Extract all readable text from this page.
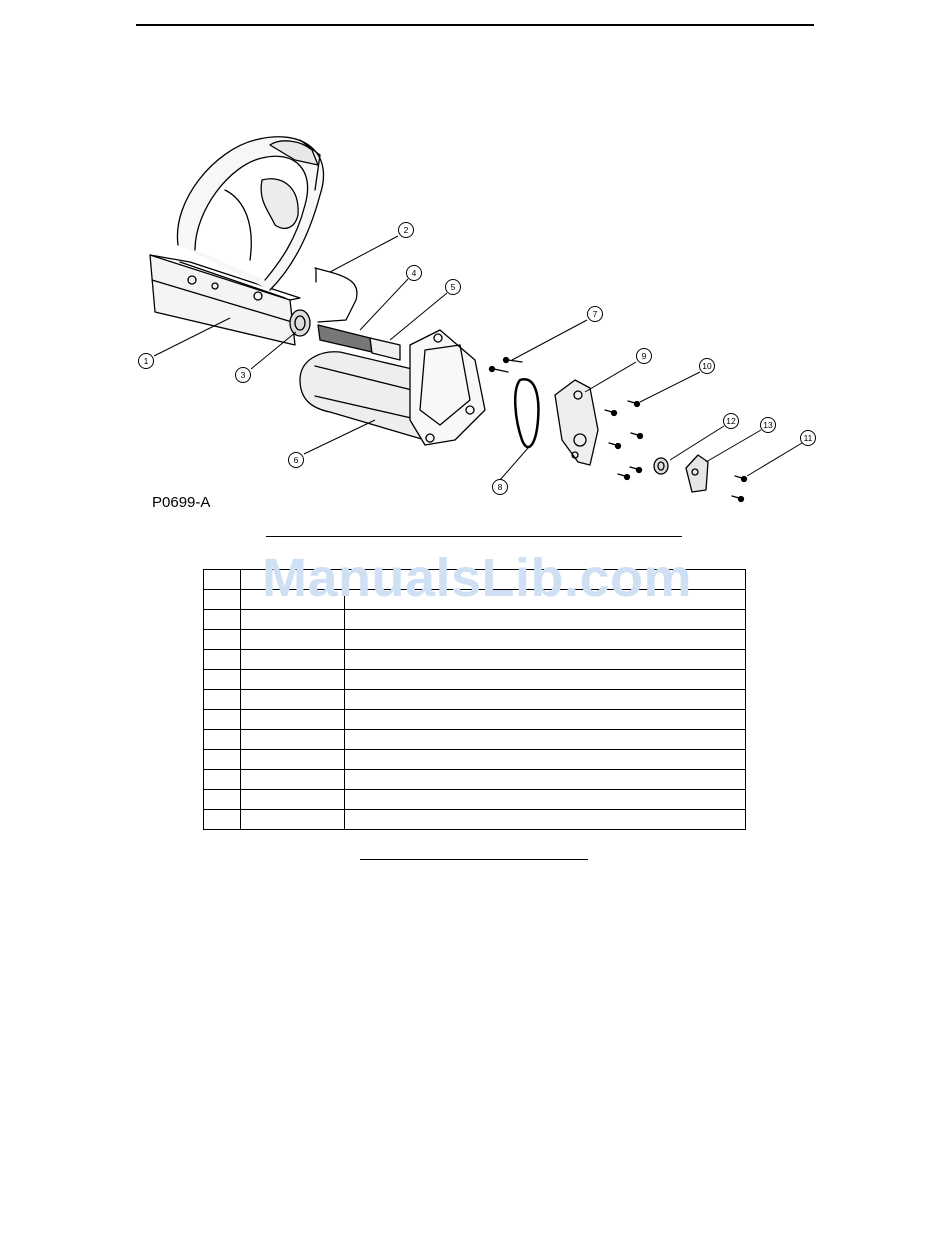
1
2
3
4
5
6
7
8
9
10
11
12	13
P0699-A

ManualsLib.com
